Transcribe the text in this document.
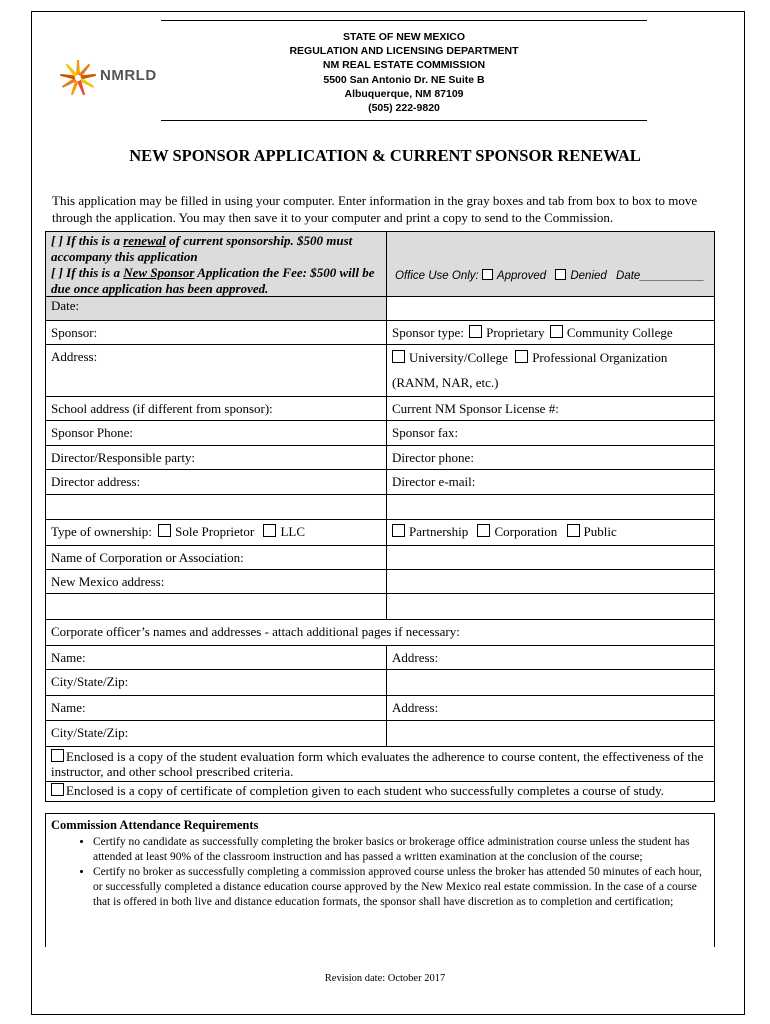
NMRLD
STATE OF NEW MEXICO
REGULATION AND LICENSING DEPARTMENT
NM REAL ESTATE COMMISSION
5500 San Antonio Dr. NE Suite B
Albuquerque, NM 87109
(505) 222-9820
NEW SPONSOR APPLICATION & CURRENT SPONSOR RENEWAL
This application may be filled in using your computer. Enter information in the gray boxes and tab from box to box to move through the application. You may then save it to your computer and print a copy to send to the Commission.
[ ] If this is a renewal of current sponsorship. $500 must accompany this application
[ ] If this is a New Sponsor Application the Fee: $500 will be due once application has been approved.
Office Use Only: Approved Denied Date__________
Date:
Sponsor:	Sponsor type: Proprietary Community College
Address:	University/College Professional Organization
(RANM, NAR, etc.)
School address (if different from sponsor):	Current NM Sponsor License #:
Sponsor Phone:	Sponsor fax:
Director/Responsible party:	Director phone:
Director address:	Director e-mail:
Type of ownership: Sole Proprietor LLC	Partnership Corporation Public
Name of Corporation or Association:
New Mexico address:
Corporate officer’s names and addresses - attach additional pages if necessary:
Name:	Address:
City/State/Zip:
Name:	Address:
City/State/Zip:
Enclosed is a copy of the student evaluation form which evaluates the adherence to course content, the effectiveness of the instructor, and other school prescribed criteria.
Enclosed is a copy of certificate of completion given to each student who successfully completes a course of study.
Commission Attendance Requirements
• Certify no candidate as successfully completing the broker basics or brokerage office administration course unless the student has attended at least 90% of the classroom instruction and has passed a written examination at the conclusion of the course;
• Certify no broker as successfully completing a commission approved course unless the broker has attended 50 minutes of each hour, or successfully completed a distance education course approved by the New Mexico real estate commission. In the case of a course that is offered in both live and distance education formats, the sponsor shall have discretion as to completion and certification;
Revision date: October 2017
